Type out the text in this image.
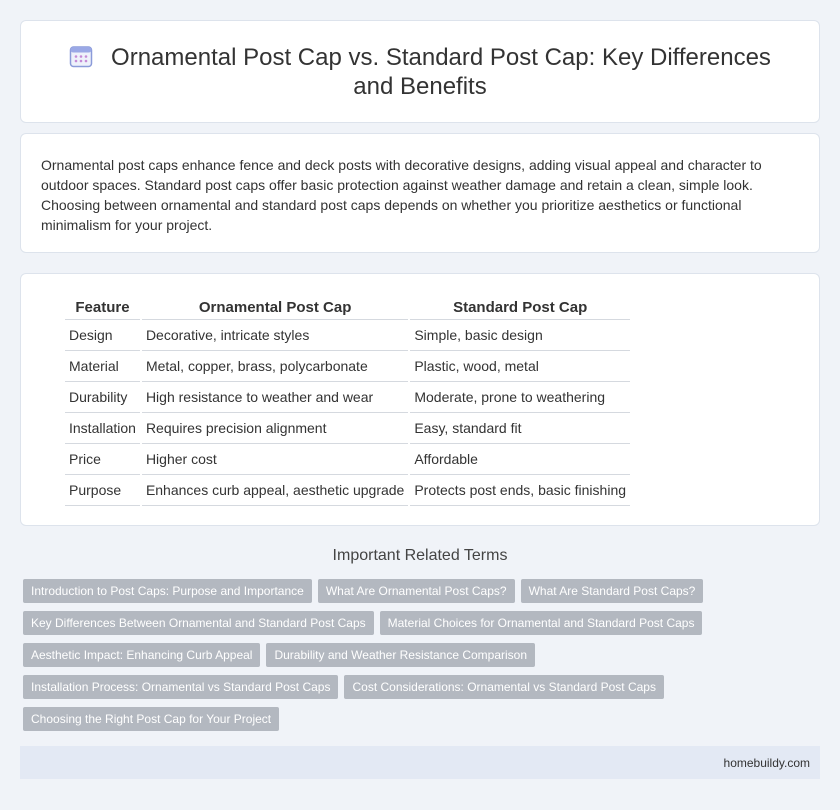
Ornamental Post Cap vs. Standard Post Cap: Key Differences and Benefits

Ornamental post caps enhance fence and deck posts with decorative designs, adding visual appeal and character to outdoor spaces. Standard post caps offer basic protection against weather damage and retain a clean, simple look. Choosing between ornamental and standard post caps depends on whether you prioritize aesthetics or functional minimalism for your project.

Feature	Ornamental Post Cap	Standard Post Cap
Design	Decorative, intricate styles	Simple, basic design
Material	Metal, copper, brass, polycarbonate	Plastic, wood, metal
Durability	High resistance to weather and wear	Moderate, prone to weathering
Installation	Requires precision alignment	Easy, standard fit
Price	Higher cost	Affordable
Purpose	Enhances curb appeal, aesthetic upgrade	Protects post ends, basic finishing
Important Related Terms
Introduction to Post Caps: Purpose and Importance What Are Ornamental Post Caps? What Are Standard Post Caps?
Key Differences Between Ornamental and Standard Post Caps Material Choices for Ornamental and Standard Post Caps
Aesthetic Impact: Enhancing Curb Appeal Durability and Weather Resistance Comparison
Installation Process: Ornamental vs Standard Post Caps Cost Considerations: Ornamental vs Standard Post Caps
Choosing the Right Post Cap for Your Project
homebuildy.com
